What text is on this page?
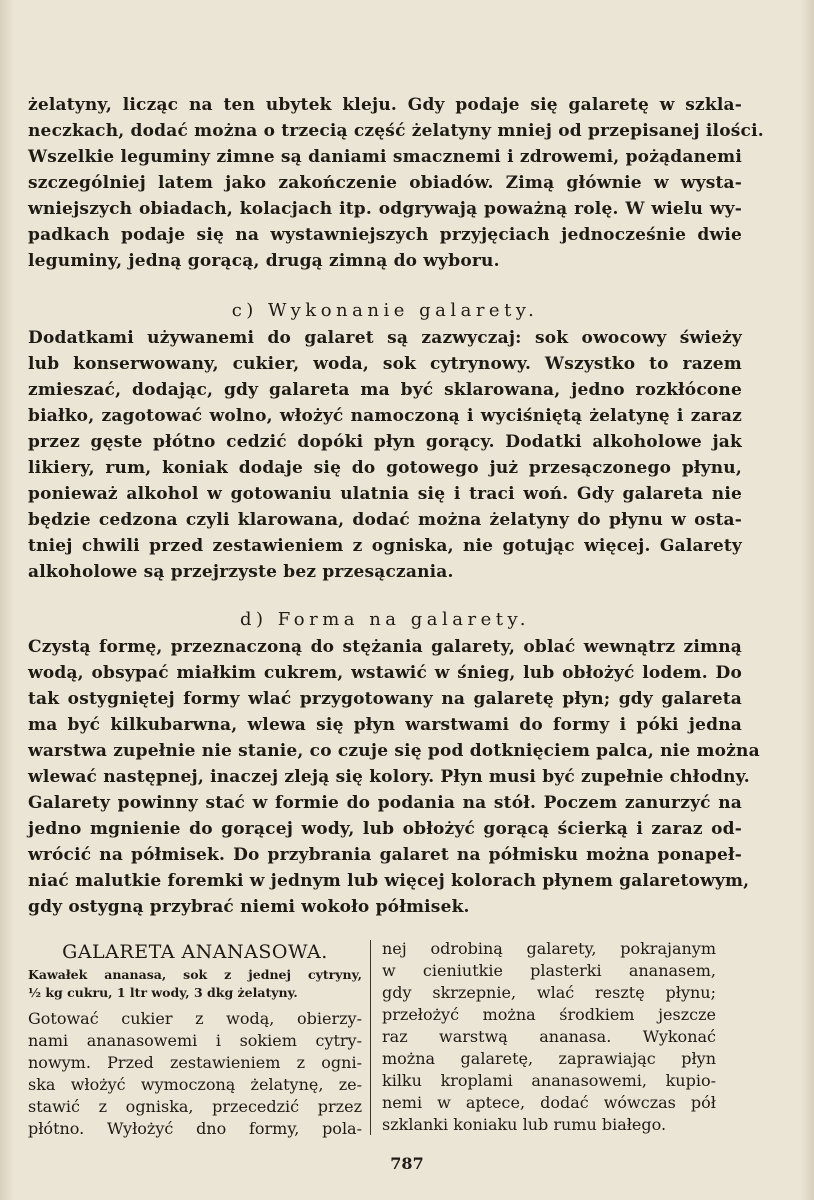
żelatyny, licząc na ten ubytek kleju. Gdy podaje się galaretę w szkla-
neczkach, dodać można o trzecią część żelatyny mniej od przepisanej ilości.
Wszelkie leguminy zimne są daniami smacznemi i zdrowemi, pożądanemi
szczególniej latem jako zakończenie obiadów. Zimą głównie w wysta-
wniejszych obiadach, kolacjach itp. odgrywają poważną rolę. W wielu wy-
padkach podaje się na wystawniejszych przyjęciach jednocześnie dwie
leguminy, jedną gorącą, drugą zimną do wyboru.
c) Wykonanie galarety.
Dodatkami używanemi do galaret są zazwyczaj: sok owocowy świeży
lub konserwowany, cukier, woda, sok cytrynowy. Wszystko to razem
zmieszać, dodając, gdy galareta ma być sklarowana, jedno rozkłócone
białko, zagotować wolno, włożyć namoczoną i wyciśniętą żelatynę i zaraz
przez gęste płótno cedzić dopóki płyn gorący. Dodatki alkoholowe jak
likiery, rum, koniak dodaje się do gotowego już przesączonego płynu,
ponieważ alkohol w gotowaniu ulatnia się i traci woń. Gdy galareta nie
będzie cedzona czyli klarowana, dodać można żelatyny do płynu w osta-
tniej chwili przed zestawieniem z ogniska, nie gotując więcej. Galarety
alkoholowe są przejrzyste bez przesączania.
d) Forma na galarety.
Czystą formę, przeznaczoną do stężania galarety, oblać wewnątrz zimną
wodą, obsypać miałkim cukrem, wstawić w śnieg, lub obłożyć lodem. Do
tak ostygniętej formy wlać przygotowany na galaretę płyn; gdy galareta
ma być kilkubarwna, wlewa się płyn warstwami do formy i póki jedna
warstwa zupełnie nie stanie, co czuje się pod dotknięciem palca, nie można
wlewać następnej, inaczej zleją się kolory. Płyn musi być zupełnie chłodny.
Galarety powinny stać w formie do podania na stół. Poczem zanurzyć na
jedno mgnienie do gorącej wody, lub obłożyć gorącą ścierką i zaraz od-
wrócić na półmisek. Do przybrania galaret na półmisku można ponapeł-
niać malutkie foremki w jednym lub więcej kolorach płynem galaretowym,
gdy ostygną przybrać niemi wokoło półmisek.
GALARETA ANANASOWA.
Kawałek ananasa, sok z jednej cytryny,
½ kg cukru, 1 ltr wody, 3 dkg żelatyny.
Gotować cukier z wodą, obierzy-
nami ananasowemi i sokiem cytry-
nowym. Przed zestawieniem z ogni-
ska włożyć wymoczoną żelatynę, ze-
stawić z ogniska, przecedzić przez
płótno. Wyłożyć dno formy, pola-
nej odrobiną galarety, pokrajanym
w cieniutkie plasterki ananasem,
gdy skrzepnie, wlać resztę płynu;
przełożyć można środkiem jeszcze
raz warstwą ananasa. Wykonać
można galaretę, zaprawiając płyn
kilku kroplami ananasowemi, kupio-
nemi w aptece, dodać wówczas pół
szklanki koniaku lub rumu białego.
787
